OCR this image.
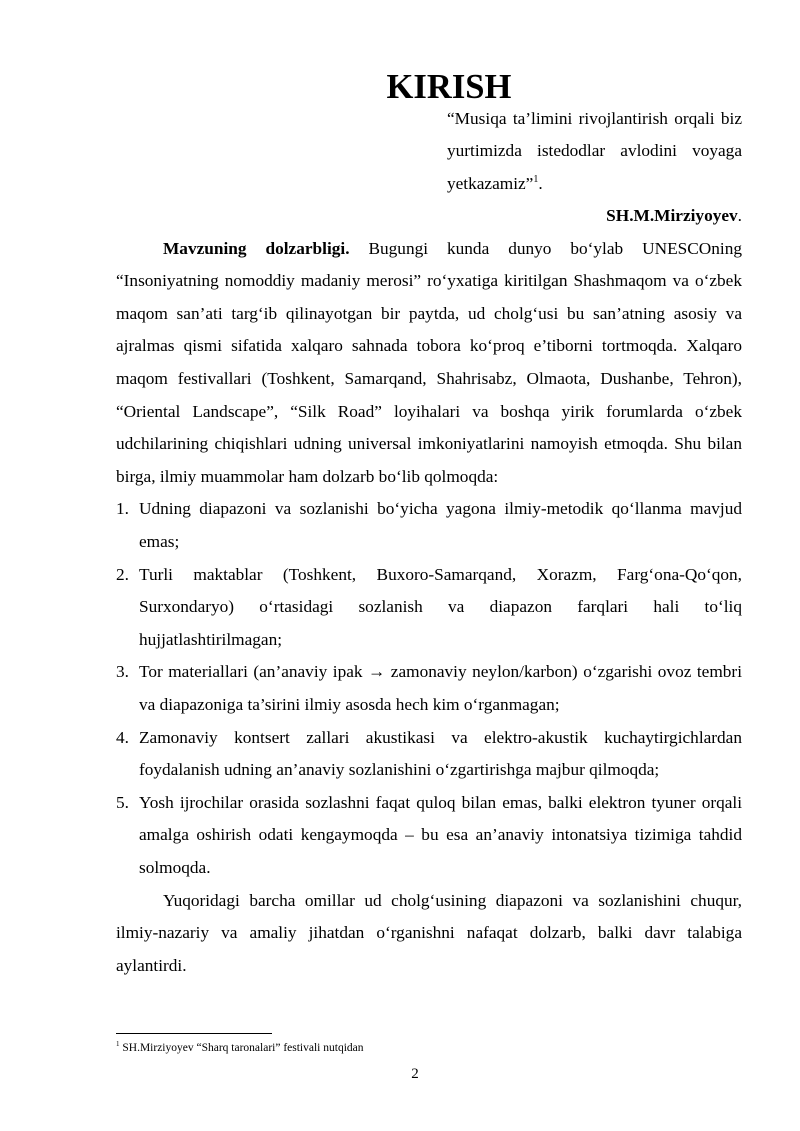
KIRISH

“Musiqa ta’limini rivojlantirish orqali biz yurtimizda istedodlar avlodini voyaga yetkazamiz”$^1$.

SH.M.Mirziyoyev.

Mavzuning dolzarbligi. Bugungi kunda dunyo bo‘ylab UNESCOning “Insoniyatning nomoddiy madaniy merosi” ro‘yxatiga kiritilgan Shashmaqom va o‘zbek maqom san’ati targ‘ib qilinayotgan bir paytda, ud cholg‘usi bu san’atning asosiy va ajralmas qismi sifatida xalqaro sahnada tobora ko‘proq e’tiborni tortmoqda. Xalqaro maqom festivallari (Toshkent, Samarqand, Shahrisabz, Olmaota, Dushanbe, Tehron), “Oriental Landscape”, “Silk Road” loyihalari va boshqa yirik forumlarda o‘zbek udchilarining chiqishlari udning universal imkoniyatlarini namoyish etmoqda. Shu bilan birga, ilmiy muammolar ham dolzarb bo‘lib qolmoqda:

1. Udning diapazoni va sozlanishi bo‘yicha yagona ilmiy-metodik qo‘llanma mavjud emas;
2. Turli maktablar (Toshkent, Buxoro-Samarqand, Xorazm, Farg‘ona-Qo‘qon, Surxondaryo) o‘rtasidagi sozlanish va diapazon farqlari hali to‘liq hujjatlashtirilmagan;
3. Tor materiallari (an’anaviy ipak → zamonaviy neylon/karbon) o‘zgarishi ovoz tembri va diapazoniga ta’sirini ilmiy asosda hech kim o‘rganmagan;
4. Zamonaviy kontsert zallari akustikasi va elektro-akustik kuchaytirgichlardan foydalanish udning an’anaviy sozlanishini o‘zgartirishga majbur qilmoqda;
5. Yosh ijrochilar orasida sozlashni faqat quloq bilan emas, balki elektron tyuner orqali amalga oshirish odati kengaymoqda – bu esa an’anaviy intonatsiya tizimiga tahdid solmoqda.

Yuqoridagi barcha omillar ud cholg‘usining diapazoni va sozlanishini chuqur, ilmiy-nazariy va amaliy jihatdan o‘rganishni nafaqat dolzarb, balki davr talabiga aylantirdi.

$^1$ SH.Mirziyoyev “Sharq taronalari” festivali nutqidan
2
